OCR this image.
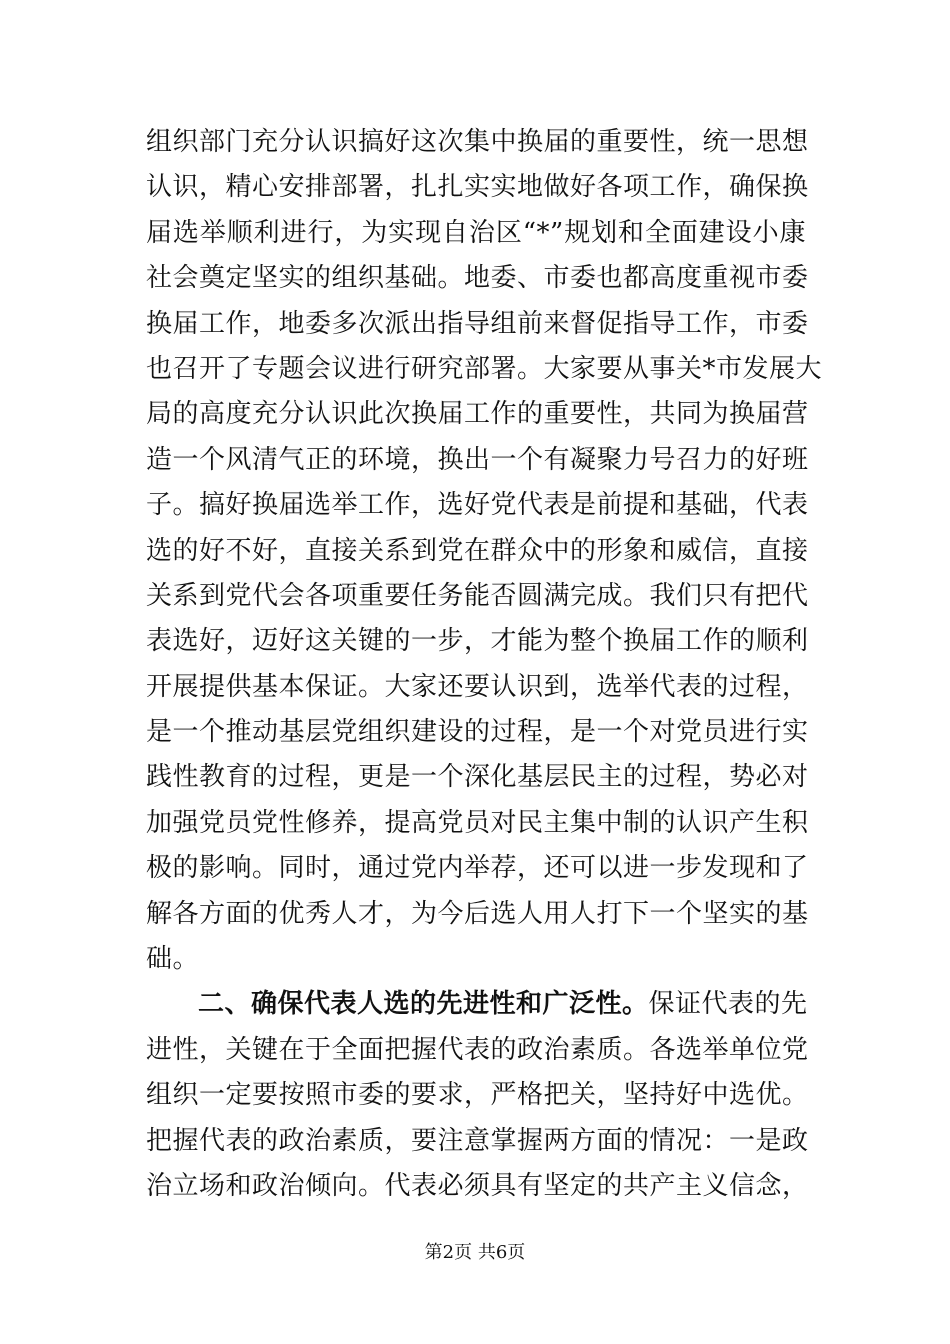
组织部门充分认识搞好这次集中换届的重要性，统一思想
认识，精心安排部署，扎扎实实地做好各项工作，确保换
届选举顺利进行，为实现自治区“*”规划和全面建设小康
社会奠定坚实的组织基础。地委、市委也都高度重视市委
换届工作，地委多次派出指导组前来督促指导工作，市委
也召开了专题会议进行研究部署。大家要从事关*市发展大
局的高度充分认识此次换届工作的重要性，共同为换届营
造一个风清气正的环境，换出一个有凝聚力号召力的好班
子。搞好换届选举工作，选好党代表是前提和基础，代表
选的好不好，直接关系到党在群众中的形象和威信，直接
关系到党代会各项重要任务能否圆满完成。我们只有把代
表选好，迈好这关键的一步，才能为整个换届工作的顺利
开展提供基本保证。大家还要认识到，选举代表的过程，
是一个推动基层党组织建设的过程，是一个对党员进行实
践性教育的过程，更是一个深化基层民主的过程，势必对
加强党员党性修养，提高党员对民主集中制的认识产生积
极的影响。同时，通过党内举荐，还可以进一步发现和了
解各方面的优秀人才，为今后选人用人打下一个坚实的基
础。
二、确保代表人选的先进性和广泛性。保证代表的先
进性，关键在于全面把握代表的政治素质。各选举单位党
组织一定要按照市委的要求，严格把关，坚持好中选优。
把握代表的政治素质，要注意掌握两方面的情况：一是政
治立场和政治倾向。代表必须具有坚定的共产主义信念，
第2页 共6页
